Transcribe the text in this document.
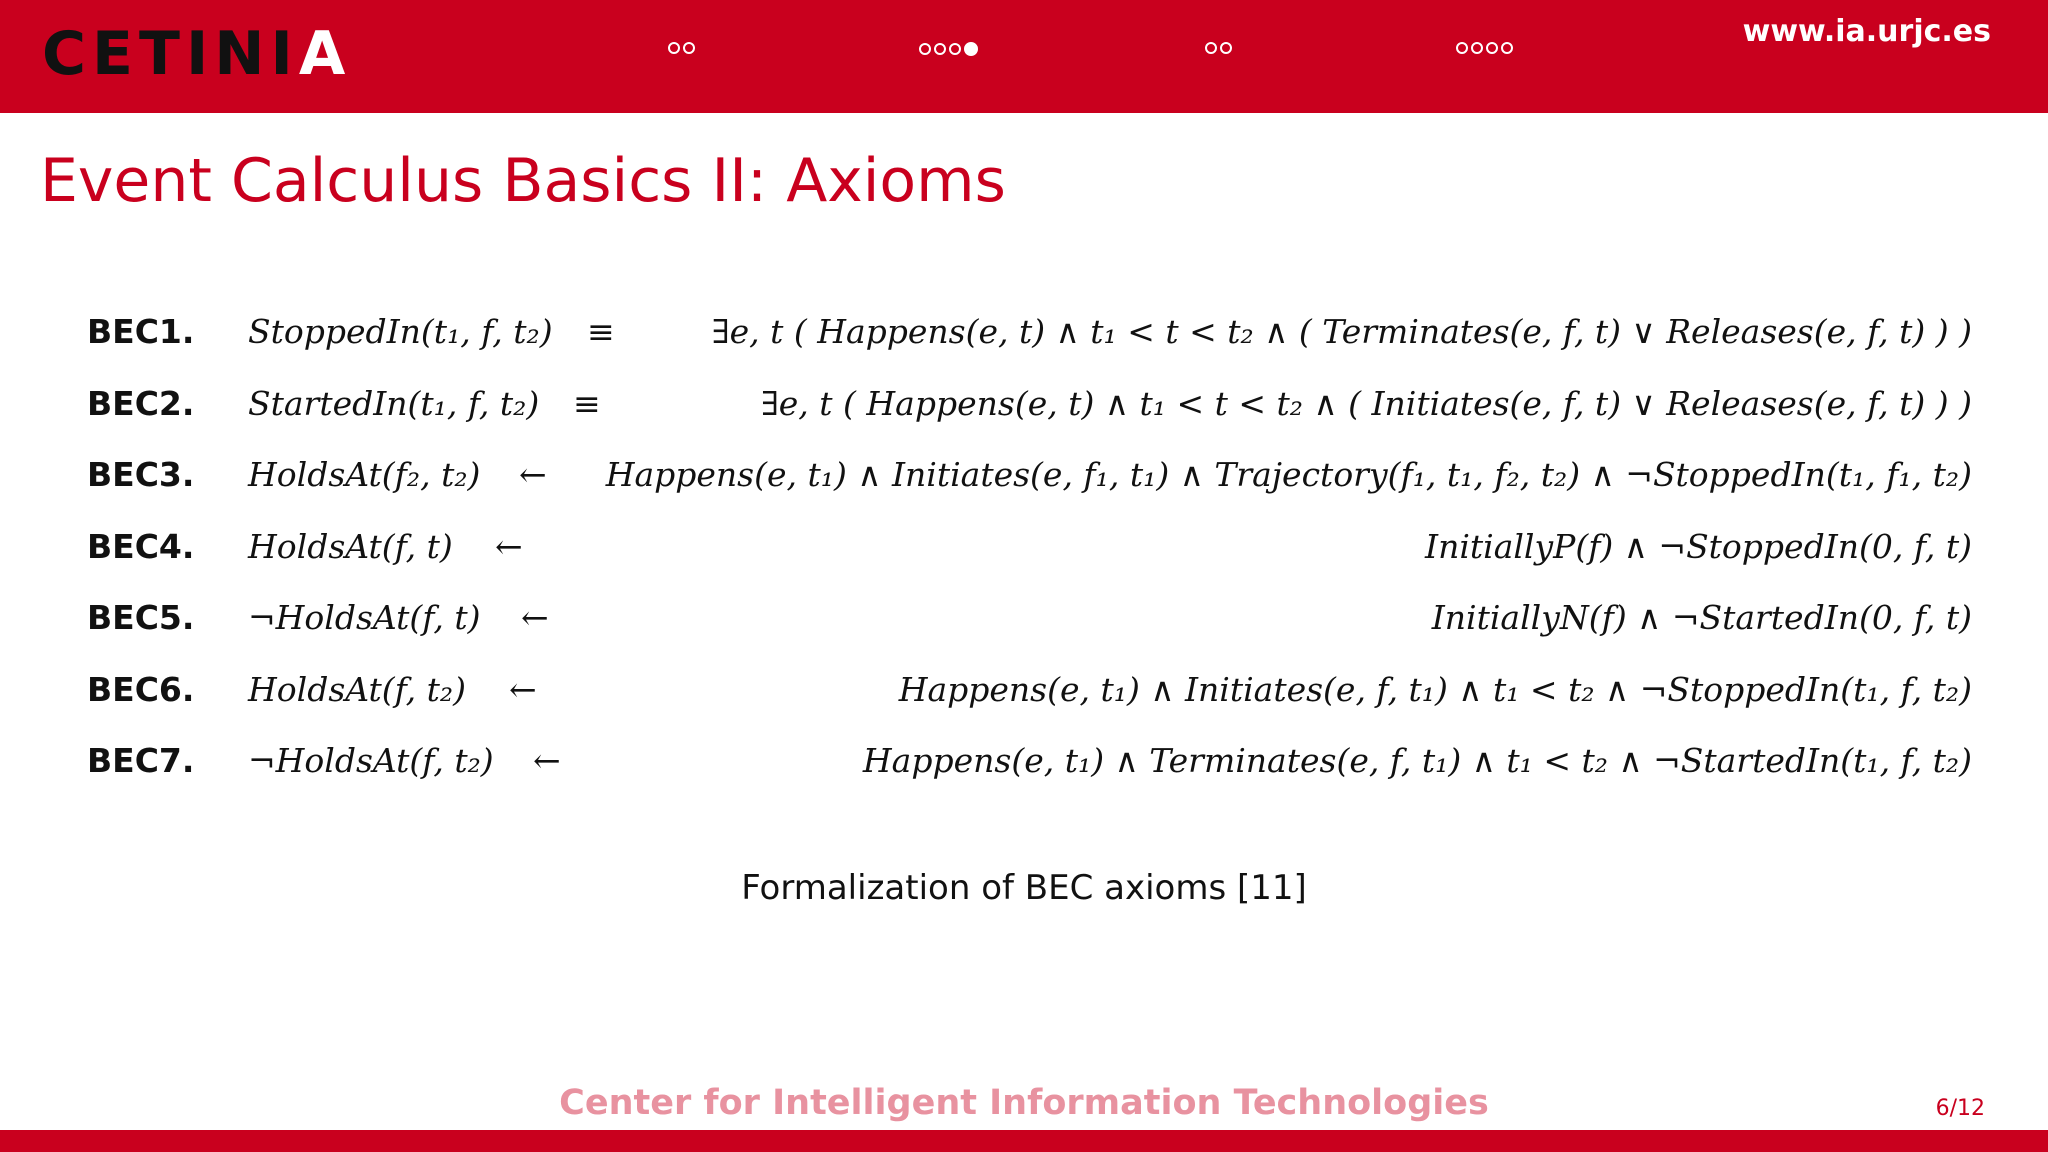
CETINIA	www.ia.urjc.es
Event Calculus Basics II: Axioms
BEC1. StoppedIn(t₁, f, t₂) ≡	∃e, t ( Happens(e, t) ∧ t₁ < t < t₂ ∧ ( Terminates(e, f, t) ∨ Releases(e, f, t) ) )
BEC2. StartedIn(t₁, f, t₂) ≡	∃e, t ( Happens(e, t) ∧ t₁ < t < t₂ ∧ ( Initiates(e, f, t) ∨ Releases(e, f, t) ) )
BEC3. HoldsAt(f₂, t₂) ← Happens(e, t₁) ∧ Initiates(e, f₁, t₁) ∧ Trajectory(f₁, t₁, f₂, t₂) ∧ ¬StoppedIn(t₁, f₁, t₂)
BEC4. HoldsAt(f, t) ←	InitiallyP(f) ∧ ¬StoppedIn(0, f, t)
BEC5. ¬HoldsAt(f, t) ←	InitiallyN(f) ∧ ¬StartedIn(0, f, t)
BEC6. HoldsAt(f, t₂) ←	Happens(e, t₁) ∧ Initiates(e, f, t₁) ∧ t₁ < t₂ ∧ ¬StoppedIn(t₁, f, t₂)
BEC7. ¬HoldsAt(f, t₂) ←	Happens(e, t₁) ∧ Terminates(e, f, t₁) ∧ t₁ < t₂ ∧ ¬StartedIn(t₁, f, t₂)
Formalization of BEC axioms [11]
Center for Intelligent Information Technologies	6/12
